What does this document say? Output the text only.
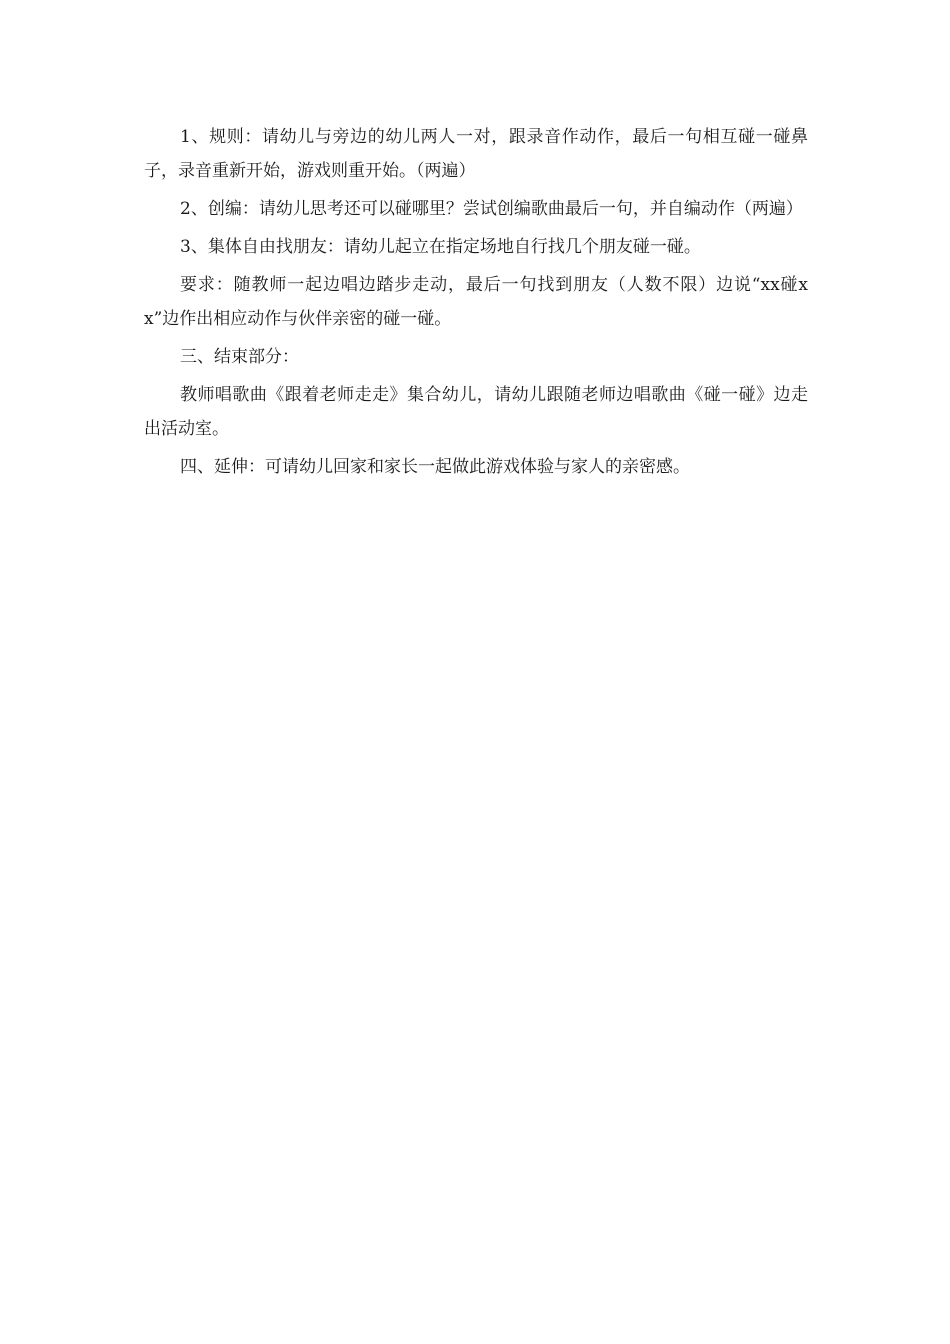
1、规则：请幼儿与旁边的幼儿两人一对，跟录音作动作，最后一句相互碰一碰鼻子，录音重新开始，游戏则重开始。（两遍）

2、创编：请幼儿思考还可以碰哪里？尝试创编歌曲最后一句，并自编动作（两遍）

3、集体自由找朋友：请幼儿起立在指定场地自行找几个朋友碰一碰。

要求：随教师一起边唱边踏步走动，最后一句找到朋友（人数不限）边说“xx碰xx”边作出相应动作与伙伴亲密的碰一碰。

三、结束部分：

教师唱歌曲《跟着老师走走》集合幼儿，请幼儿跟随老师边唱歌曲《碰一碰》边走出活动室。

四、延伸：可请幼儿回家和家长一起做此游戏体验与家人的亲密感。
